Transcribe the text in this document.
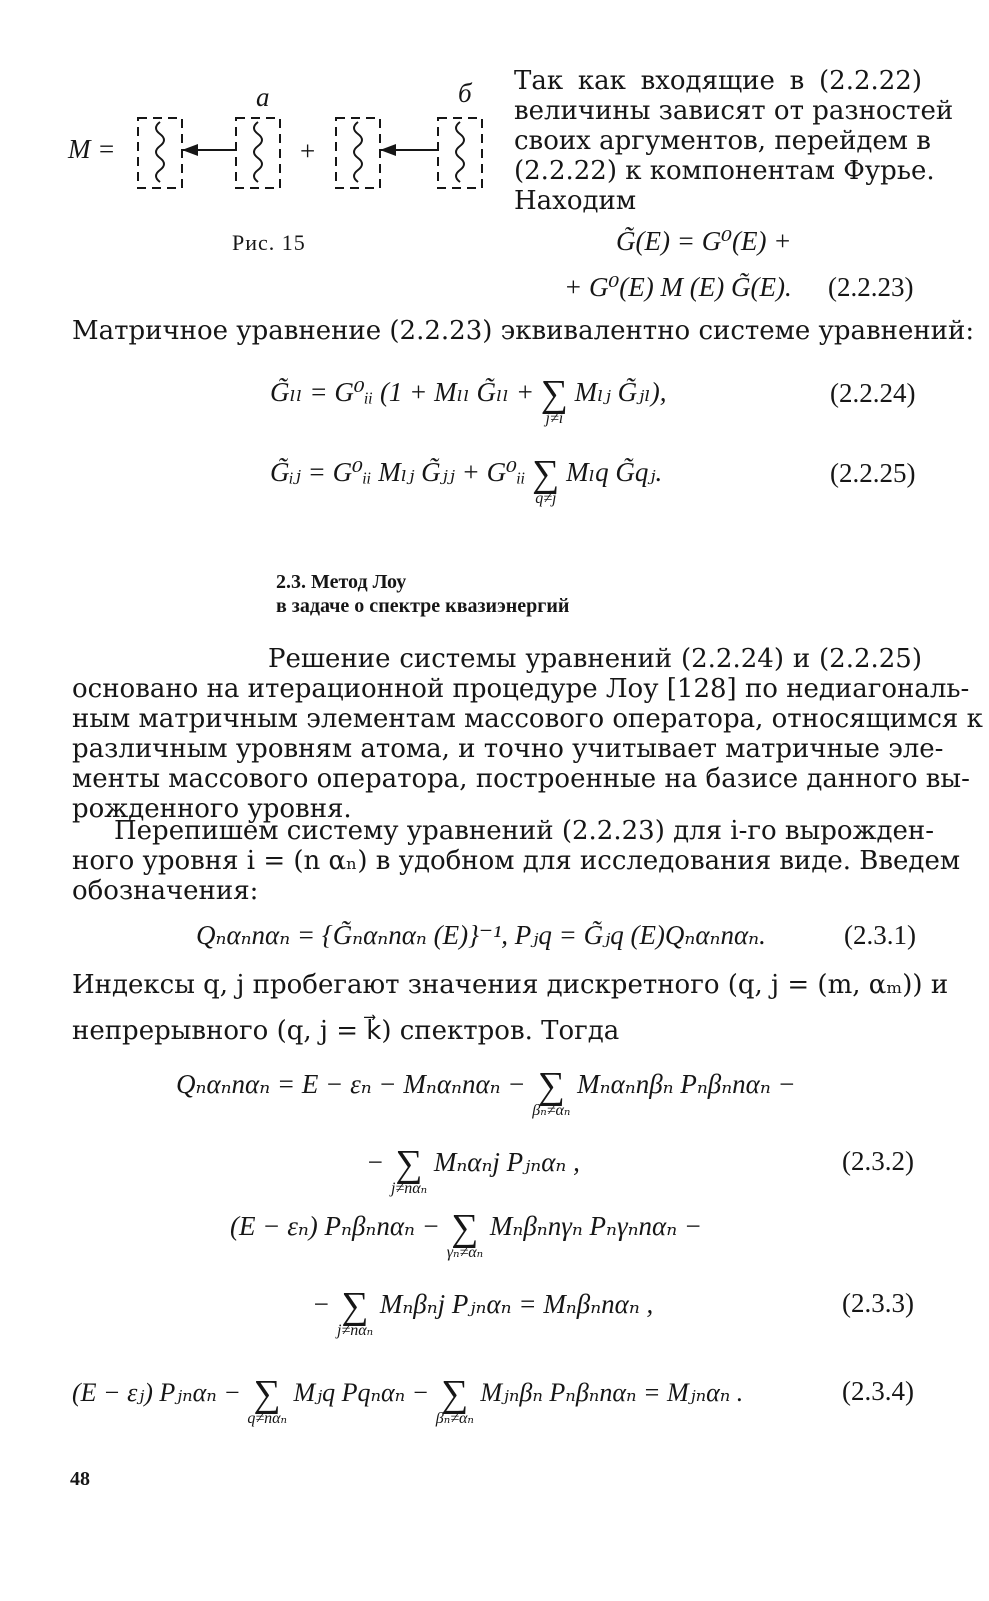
а	б
M =	+
Рис. 15
Так как входящие в (2.2.22)
величины зависят от разностей
своих аргументов, перейдем в
(2.2.22) к компонентам Фурье.
Находим
G̃(E) = G⁰(E) +
+ G⁰(E) M (E) G̃(E). (2.2.23)
Матричное уравнение (2.2.23) эквивалентно системе уравнений:
G̃ₗₗ = G⁰ᵢᵢ (1 + Mₗₗ G̃ₗₗ + ∑
j≠i
Mₗⱼ G̃ⱼₗ),	(2.2.24)
G̃ᵢⱼ = G⁰ᵢᵢ Mₗⱼ G̃ⱼⱼ + G⁰ᵢᵢ ∑
q≠j
Mₗq G̃qⱼ.	(2.2.25)
2.3. Метод Лоу
в задаче о спектре квазиэнергий
Решение системы уравнений (2.2.24) и (2.2.25)
основано на итерационной процедуре Лоу [128] по недиагональ-
ным матричным элементам массового оператора, относящимся к
различным уровням атома, и точно учитывает матричные эле-
менты массового оператора, построенные на базисе данного вы-
рожденного уровня.
Перепишем систему уравнений (2.2.23) для i-го вырожден-
ного уровня i = (n αₙ) в удобном для исследования виде. Введем
обозначения:
Qₙαₙnαₙ = {G̃ₙαₙnαₙ (E)}⁻¹, Pⱼq = G̃ⱼq (E)Qₙαₙnαₙ.	(2.3.1)
Индексы q, j пробегают значения дискретного (q, j = (m, αₘ)) и
непрерывного (q, j = k⃗) спектров. Тогда
Qₙαₙnαₙ = E − εₙ − Mₙαₙnαₙ − ∑
βₙ≠αₙ
Mₙαₙnβₙ Pₙβₙnαₙ −
− ∑
j≠nαₙ
Mₙαₙj Pⱼₙαₙ ,	(2.3.2)
(E − εₙ) Pₙβₙnαₙ − ∑
γₙ≠αₙ
Mₙβₙnγₙ Pₙγₙnαₙ −
− ∑
j≠nαₙ
Mₙβₙj Pⱼₙαₙ = Mₙβₙnαₙ ,	(2.3.3)
(E − εⱼ) Pⱼₙαₙ − ∑
q≠nαₙ
Mⱼq Pqₙαₙ − ∑
βₙ≠αₙ
Mⱼₙβₙ Pₙβₙnαₙ = Mⱼₙαₙ .	(2.3.4)
48
